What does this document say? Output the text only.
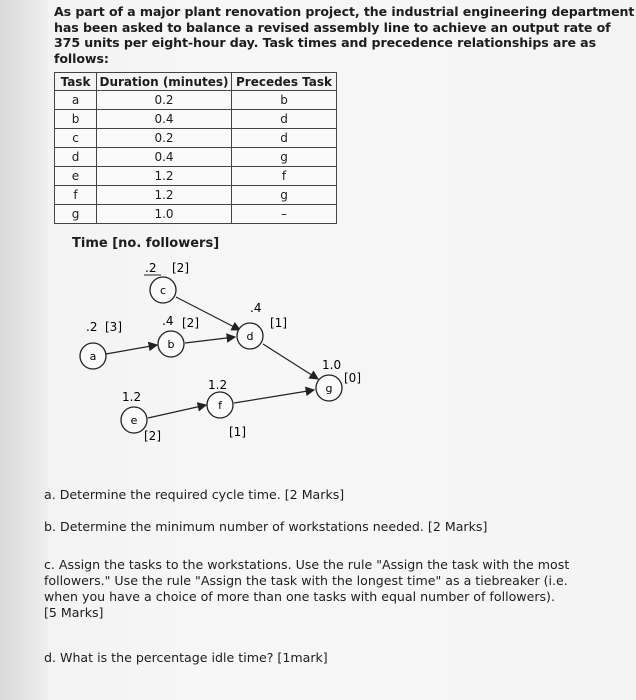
As part of a major plant renovation project, the industrial engineering department
has been asked to balance a revised assembly line to achieve an output rate of
375 units per eight-hour day. Task times and precedence relationships are as
follows:
Task	Duration (minutes)	Precedes Task
a	0.2	b
b	0.4	d
c	0.2	d
d	0.4	g
e	1.2	f
f	1.2	g
g	1.0	–
Time [no. followers]
c
.2 [2]
a
.2 [3]
b
.4 [2]
d
.4
[1]
g
1.0
[0]
e
1.2
[2]
f
1.2
[1]
a. Determine the required cycle time. [2 Marks]
b. Determine the minimum number of workstations needed. [2 Marks]
c. Assign the tasks to the workstations. Use the rule "Assign the task with the most
followers." Use the rule "Assign the task with the longest time" as a tiebreaker (i.e.
when you have a choice of more than one tasks with equal number of followers).
[5 Marks]
d. What is the percentage idle time? [1mark]
